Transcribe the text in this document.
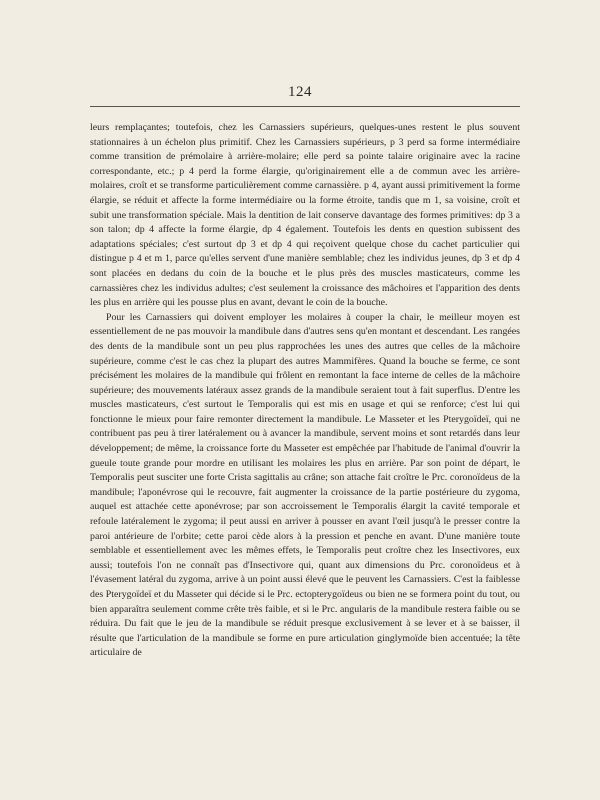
124

leurs remplaçantes; toutefois, chez les Carnassiers supérieurs, quelques-unes restent le plus souvent stationnaires à un échelon plus primitif. Chez les Carnassiers supérieurs, p 3 perd sa forme intermédiaire comme transition de prémolaire à arrière-molaire; elle perd sa pointe talaire originaire avec la racine correspondante, etc.; p 4 perd la forme élargie, qu'originairement elle a de commun avec les arrière-molaires, croît et se transforme particulièrement comme carnassière. p 4, ayant aussi primitivement la forme élargie, se réduit et affecte la forme intermédiaire ou la forme étroite, tandis que m 1, sa voisine, croît et subit une transformation spéciale. Mais la dentition de lait conserve davantage des formes primitives: dp 3 a son talon; dp 4 affecte la forme élargie, dp 4 également. Toutefois les dents en question subissent des adaptations spéciales; c'est surtout dp 3 et dp 4 qui reçoivent quelque chose du cachet particulier qui distingue p 4 et m 1, parce qu'elles servent d'une manière semblable; chez les individus jeunes, dp 3 et dp 4 sont placées en dedans du coin de la bouche et le plus près des muscles masticateurs, comme les carnassières chez les individus adultes; c'est seulement la croissance des mâchoires et l'apparition des dents les plus en arrière qui les pousse plus en avant, devant le coin de la bouche.

Pour les Carnassiers qui doivent employer les molaires à couper la chair, le meilleur moyen est essentiellement de ne pas mouvoir la mandibule dans d'autres sens qu'en montant et descendant. Les rangées des dents de la mandibule sont un peu plus rapprochées les unes des autres que celles de la mâchoire supérieure, comme c'est le cas chez la plupart des autres Mammifères. Quand la bouche se ferme, ce sont précisément les molaires de la mandibule qui frôlent en remontant la face interne de celles de la mâchoire supérieure; des mouvements latéraux assez grands de la mandibule seraient tout à fait superflus. D'entre les muscles masticateurs, c'est surtout le Temporalis qui est mis en usage et qui se renforce; c'est lui qui fonctionne le mieux pour faire remonter directement la mandibule. Le Masseter et les Pterygoïdeï, qui ne contribuent pas peu à tirer latéralement ou à avancer la mandibule, servent moins et sont retardés dans leur développement; de même, la croissance forte du Masseter est empêchée par l'habitude de l'animal d'ouvrir la gueule toute grande pour mordre en utilisant les molaires les plus en arrière. Par son point de départ, le Temporalis peut susciter une forte Crista sagittalis au crâne; son attache fait croître le Prc. coronoïdeus de la mandibule; l'aponévrose qui le recouvre, fait augmenter la croissance de la partie postérieure du zygoma, auquel est attachée cette aponévrose; par son accroissement le Temporalis élargit la cavité temporale et refoule latéralement le zygoma; il peut aussi en arriver à pousser en avant l'œil jusqu'à le presser contre la paroi antérieure de l'orbite; cette paroi cède alors à la pression et penche en avant. D'une manière toute semblable et essentiellement avec les mêmes effets, le Temporalis peut croître chez les Insectivores, eux aussi; toutefois l'on ne connaît pas d'Insectivore qui, quant aux dimensions du Prc. coronoïdeus et à l'évasement latéral du zygoma, arrive à un point aussi élevé que le peuvent les Carnassiers. C'est la faiblesse des Pterygoïdeï et du Masseter qui décide si le Prc. ectopterygoïdeus ou bien ne se formera point du tout, ou bien apparaîtra seulement comme crête très faible, et si le Prc. angularis de la mandibule restera faible ou se réduira. Du fait que le jeu de la mandibule se réduit presque exclusivement à se lever et à se baisser, il résulte que l'articulation de la mandibule se forme en pure articulation ginglymoïde bien accentuée; la tête articulaire de
